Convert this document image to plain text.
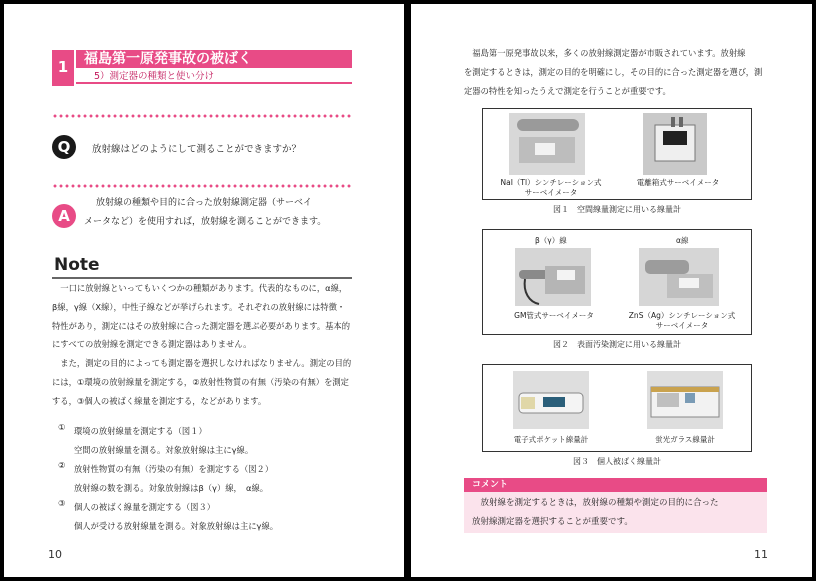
1	福島第一原発事故の被ばく
5）測定器の種類と使い分け
Q	放射線はどのようにして測ることができますか？
A
放射線の種類や目的に合った放射線測定器（サーベイ
メータなど）を使用すれば，放射線を測ることができます。
Note

一口に放射線といってもいくつかの種類があります。代表的なものに，α線，β線，γ線（X線），中性子線などが挙げられます。それぞれの放射線には特徴・特性があり，測定にはその放射線に合った測定器を選ぶ必要があります。基本的にすべての放射線を測定できる測定器はありません。

また，測定の目的によっても測定器を選択しなければなりません。測定の目的には，①環境の放射線量を測定する，②放射性物質の有無（汚染の有無）を測定する，③個人の被ばく線量を測定する，などがあります。

①	環境の放射線量を測定する（図１）
空間の放射線量を測る。対象放射線は主にγ線。
②	放射性物質の有無（汚染の有無）を測定する（図２）
放射線の数を測る。対象放射線はβ（γ）線，　α線。
③	個人の被ばく線量を測定する（図３）
個人が受ける放射線量を測る。対象放射線は主にγ線。
10
福島第一原発事故以来，多くの放射線測定器が市販されています。放射線
を測定するときは，測定の目的を明確にし，その目的に合った測定器を選び，測定器の特性を知ったうえで測定を行うことが重要です。
NaI（Tl）シンチレーション式
サーベイメータ
電離箱式サーベイメータ
図１　空間線量測定に用いる線量計
β（γ）線	α線
GM管式サーベイメータ	ZnS（Ag）シンチレーション式
サーベイメータ
図２　表面汚染測定に用いる線量計
電子式ポケット線量計	蛍光ガラス線量計
図３　個人被ばく線量計
コメント
放射線を測定するときは，放射線の種類や測定の目的に合った
放射線測定器を選択することが重要です。
11
